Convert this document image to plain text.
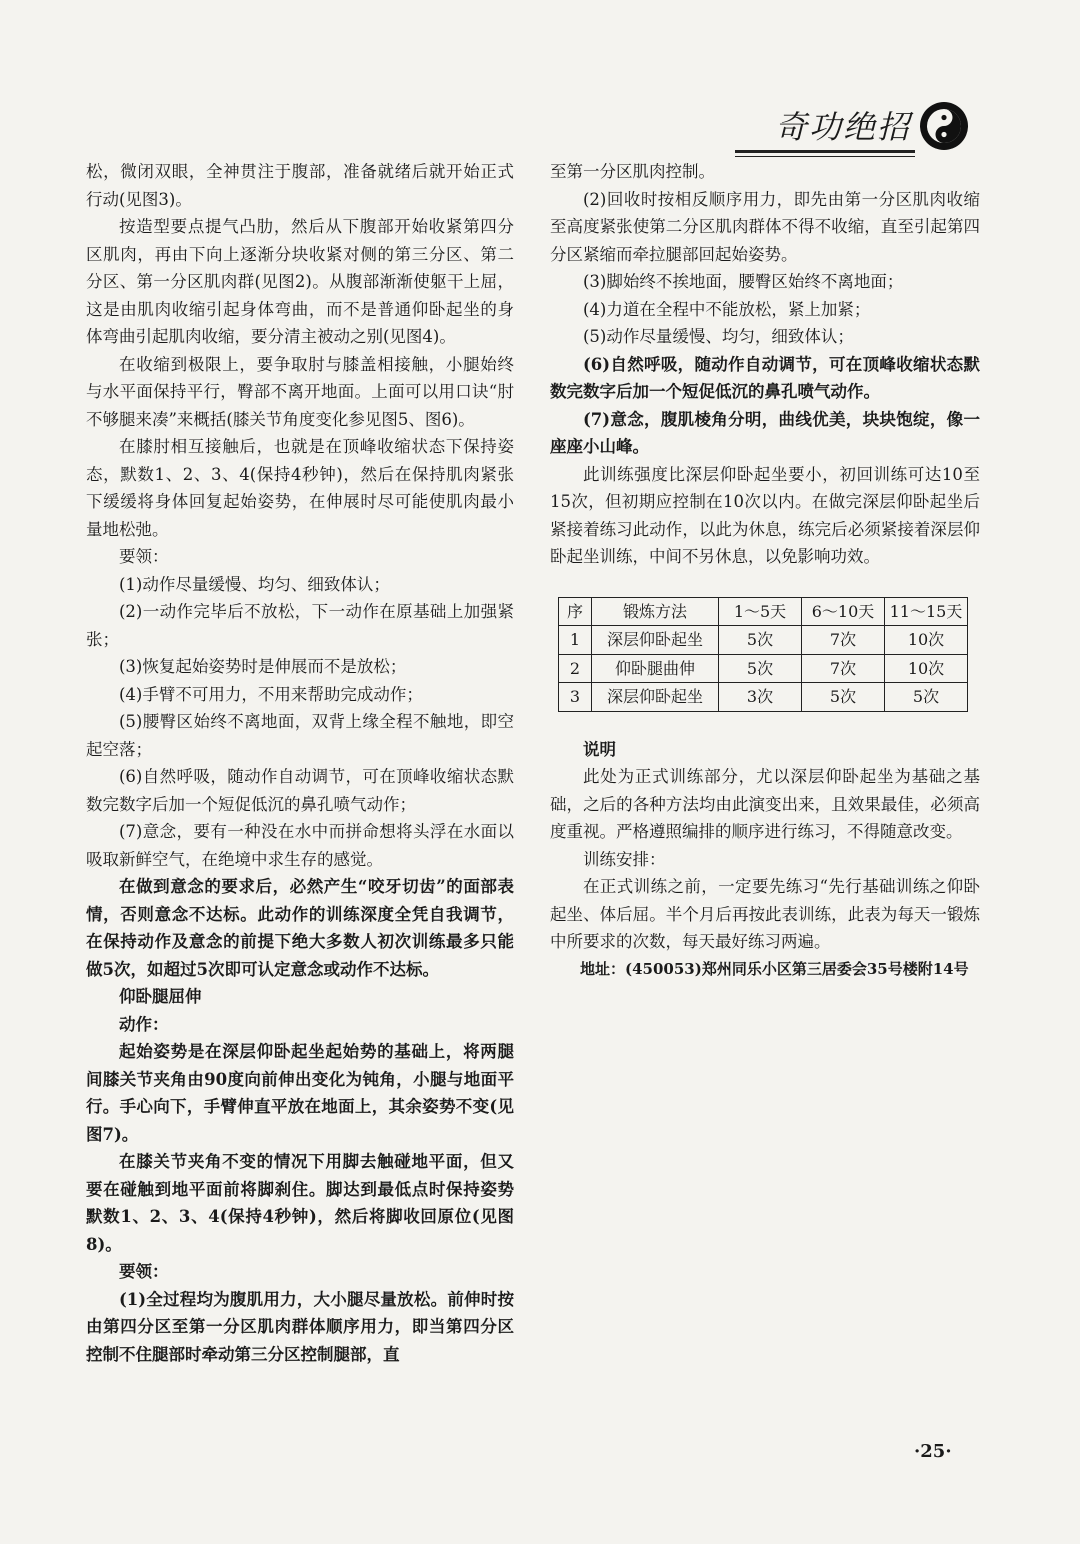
奇功绝招

松，微闭双眼，全神贯注于腹部，准备就绪后就开始正式行动(见图3)。

按造型要点提气凸肋，然后从下腹部开始收紧第四分区肌肉，再由下向上逐渐分块收紧对侧的第三分区、第二分区、第一分区肌肉群(见图2)。从腹部渐渐使躯干上屈，这是由肌肉收缩引起身体弯曲，而不是普通仰卧起坐的身体弯曲引起肌肉收缩，要分清主被动之别(见图4)。

在收缩到极限上，要争取肘与膝盖相接触，小腿始终与水平面保持平行，臀部不离开地面。上面可以用口诀“肘不够腿来凑”来概括(膝关节角度变化参见图5、图6)。

在膝肘相互接触后，也就是在顶峰收缩状态下保持姿态，默数1、2、3、4(保持4秒钟)，然后在保持肌肉紧张下缓缓将身体回复起始姿势，在伸展时尽可能使肌肉最小量地松弛。

要领：

(1)动作尽量缓慢、均匀、细致体认；

(2)一动作完毕后不放松，下一动作在原基础上加强紧张；

(3)恢复起始姿势时是伸展而不是放松；

(4)手臂不可用力，不用来帮助完成动作；

(5)腰臀区始终不离地面，双背上缘全程不触地，即空起空落；

(6)自然呼吸，随动作自动调节，可在顶峰收缩状态默数完数字后加一个短促低沉的鼻孔喷气动作；

(7)意念，要有一种没在水中而拼命想将头浮在水面以吸取新鲜空气，在绝境中求生存的感觉。

在做到意念的要求后，必然产生“咬牙切齿”的面部表情，否则意念不达标。此动作的训练深度全凭自我调节，在保持动作及意念的前提下绝大多数人初次训练最多只能做5次，如超过5次即可认定意念或动作不达标。

仰卧腿屈伸

动作：

起始姿势是在深层仰卧起坐起始势的基础上，将两腿间膝关节夹角由90度向前伸出变化为钝角，小腿与地面平行。手心向下，手臂伸直平放在地面上，其余姿势不变(见图7)。

在膝关节夹角不变的情况下用脚去触碰地平面，但又要在碰触到地平面前将脚刹住。脚达到最低点时保持姿势默数1、2、3、4(保持4秒钟)，然后将脚收回原位(见图8)。

要领：

(1)全过程均为腹肌用力，大小腿尽量放松。前伸时按由第四分区至第一分区肌肉群体顺序用力，即当第四分区控制不住腿部时牵动第三分区控制腿部，直

至第一分区肌肉控制。

(2)回收时按相反顺序用力，即先由第一分区肌肉收缩至高度紧张使第二分区肌肉群体不得不收缩，直至引起第四分区紧缩而牵拉腿部回起始姿势。

(3)脚始终不挨地面，腰臀区始终不离地面；

(4)力道在全程中不能放松，紧上加紧；

(5)动作尽量缓慢、均匀，细致体认；

(6)自然呼吸，随动作自动调节，可在顶峰收缩状态默数完数字后加一个短促低沉的鼻孔喷气动作。

(7)意念，腹肌棱角分明，曲线优美，块块饱绽，像一座座小山峰。

此训练强度比深层仰卧起坐要小，初回训练可达10至15次，但初期应控制在10次以内。在做完深层仰卧起坐后紧接着练习此动作，以此为休息，练完后必须紧接着深层仰卧起坐训练，中间不另休息，以免影响功效。

序	锻炼方法	1～5天	6～10天	11～15天
1	深层仰卧起坐	5次	7次	10次
2	仰卧腿曲伸	5次	7次	10次
3	深层仰卧起坐	3次	5次	5次

说明

此处为正式训练部分，尤以深层仰卧起坐为基础之基础，之后的各种方法均由此演变出来，且效果最佳，必须高度重视。严格遵照编排的顺序进行练习，不得随意改变。

训练安排：

在正式训练之前，一定要先练习“先行基础训练之仰卧起坐、体后屈。半个月后再按此表训练，此表为每天一锻炼中所要求的次数，每天最好练习两遍。

地址：(450053)郑州同乐小区第三居委会35号楼附14号

·25·
